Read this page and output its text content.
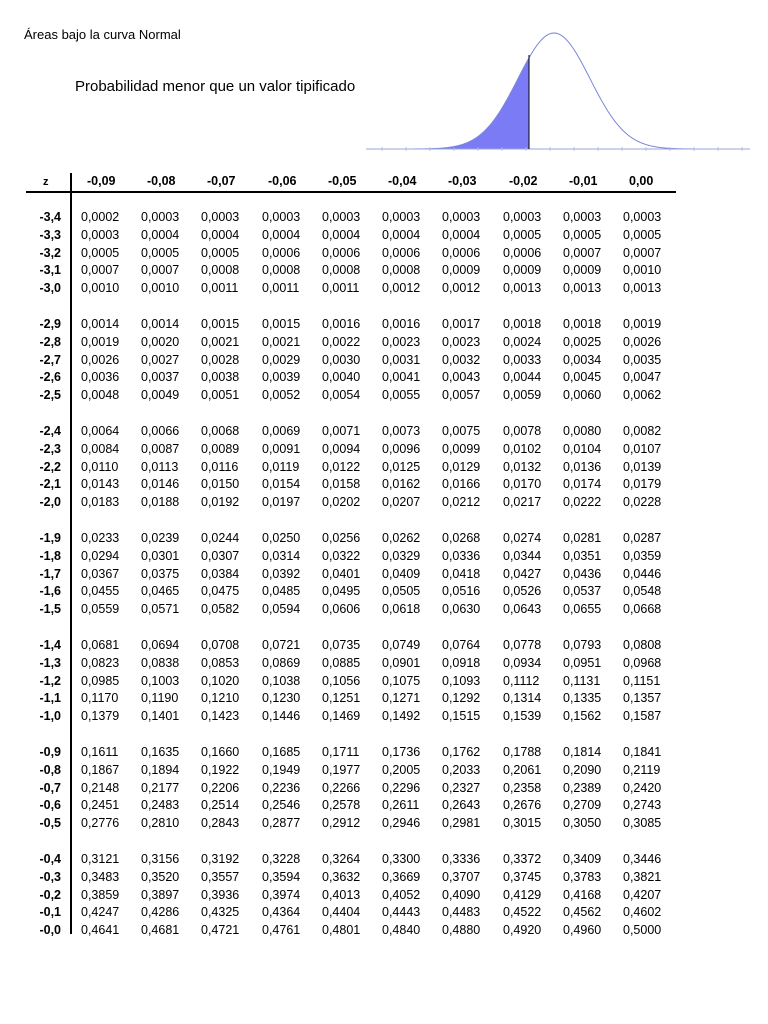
Áreas bajo la curva Normal
Probabilidad menor que un valor tipificado
z	-0,09	-0,08	-0,07	-0,06	-0,05	-0,04	-0,03	-0,02	-0,01	0,00
-3,4 0,0002 0,0003 0,0003 0,0003 0,0003 0,0003 0,0003 0,0003 0,0003 0,0003
-3,3 0,0003 0,0004 0,0004 0,0004 0,0004 0,0004 0,0004 0,0005 0,0005 0,0005
-3,2 0,0005 0,0005 0,0005 0,0006 0,0006 0,0006 0,0006 0,0006 0,0007 0,0007
-3,1 0,0007 0,0007 0,0008 0,0008 0,0008 0,0008 0,0009 0,0009 0,0009 0,0010
-3,0 0,0010 0,0010 0,0011 0,0011 0,0011 0,0012 0,0012 0,0013 0,0013 0,0013
-2,9 0,0014 0,0014 0,0015 0,0015 0,0016 0,0016 0,0017 0,0018 0,0018 0,0019
-2,8 0,0019 0,0020 0,0021 0,0021 0,0022 0,0023 0,0023 0,0024 0,0025 0,0026
-2,7 0,0026 0,0027 0,0028 0,0029 0,0030 0,0031 0,0032 0,0033 0,0034 0,0035
-2,6 0,0036 0,0037 0,0038 0,0039 0,0040 0,0041 0,0043 0,0044 0,0045 0,0047
-2,5 0,0048 0,0049 0,0051 0,0052 0,0054 0,0055 0,0057 0,0059 0,0060 0,0062
-2,4 0,0064 0,0066 0,0068 0,0069 0,0071 0,0073 0,0075 0,0078 0,0080 0,0082
-2,3 0,0084 0,0087 0,0089 0,0091 0,0094 0,0096 0,0099 0,0102 0,0104 0,0107
-2,2 0,0110 0,0113 0,0116 0,0119 0,0122 0,0125 0,0129 0,0132 0,0136 0,0139
-2,1 0,0143 0,0146 0,0150 0,0154 0,0158 0,0162 0,0166 0,0170 0,0174 0,0179
-2,0 0,0183 0,0188 0,0192 0,0197 0,0202 0,0207 0,0212 0,0217 0,0222 0,0228
-1,9 0,0233 0,0239 0,0244 0,0250 0,0256 0,0262 0,0268 0,0274 0,0281 0,0287
-1,8 0,0294 0,0301 0,0307 0,0314 0,0322 0,0329 0,0336 0,0344 0,0351 0,0359
-1,7 0,0367 0,0375 0,0384 0,0392 0,0401 0,0409 0,0418 0,0427 0,0436 0,0446
-1,6 0,0455 0,0465 0,0475 0,0485 0,0495 0,0505 0,0516 0,0526 0,0537 0,0548
-1,5 0,0559 0,0571 0,0582 0,0594 0,0606 0,0618 0,0630 0,0643 0,0655 0,0668
-1,4 0,0681 0,0694 0,0708 0,0721 0,0735 0,0749 0,0764 0,0778 0,0793 0,0808
-1,3 0,0823 0,0838 0,0853 0,0869 0,0885 0,0901 0,0918 0,0934 0,0951 0,0968
-1,2 0,0985 0,1003 0,1020 0,1038 0,1056 0,1075 0,1093 0,1112 0,1131 0,1151
-1,1 0,1170 0,1190 0,1210 0,1230 0,1251 0,1271 0,1292 0,1314 0,1335 0,1357
-1,0 0,1379 0,1401 0,1423 0,1446 0,1469 0,1492 0,1515 0,1539 0,1562 0,1587
-0,9 0,1611 0,1635 0,1660 0,1685 0,1711 0,1736 0,1762 0,1788 0,1814 0,1841
-0,8 0,1867 0,1894 0,1922 0,1949 0,1977 0,2005 0,2033 0,2061 0,2090 0,2119
-0,7 0,2148 0,2177 0,2206 0,2236 0,2266 0,2296 0,2327 0,2358 0,2389 0,2420
-0,6 0,2451 0,2483 0,2514 0,2546 0,2578 0,2611 0,2643 0,2676 0,2709 0,2743
-0,5 0,2776 0,2810 0,2843 0,2877 0,2912 0,2946 0,2981 0,3015 0,3050 0,3085
-0,4 0,3121 0,3156 0,3192 0,3228 0,3264 0,3300 0,3336 0,3372 0,3409 0,3446
-0,3 0,3483 0,3520 0,3557 0,3594 0,3632 0,3669 0,3707 0,3745 0,3783 0,3821
-0,2 0,3859 0,3897 0,3936 0,3974 0,4013 0,4052 0,4090 0,4129 0,4168 0,4207
-0,1 0,4247 0,4286 0,4325 0,4364 0,4404 0,4443 0,4483 0,4522 0,4562 0,4602
-0,0 0,4641 0,4681 0,4721 0,4761 0,4801 0,4840 0,4880 0,4920 0,4960 0,5000
